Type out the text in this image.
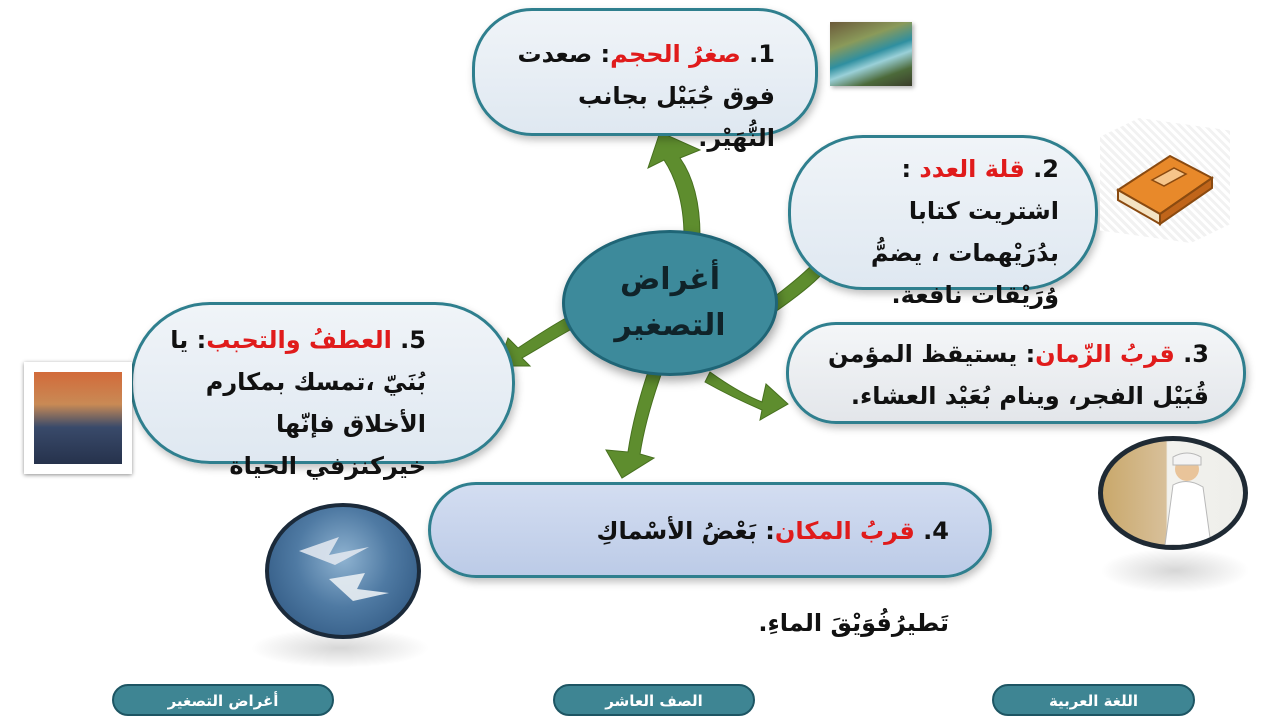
أغراض
التصغير
1. صغرُ الحجم: صعدت فوق جُبَيْل بجانب النُّهَيْر.
2. قلة العدد : اشتريت كتابا بدُرَيْهمات ، يضمُّ وُرَيْقات نافعة.
3. قربُ الزّمان: يستيقظ المؤمن قُبَيْل الفجر، وينام بُعَيْد العشاء.
4. قربُ المكان: بَعْضُ الأسْماكِ تَطيرُفُوَيْقَ الماءِ.
5. العطفُ والتحبب: يا بُنَيّ ،تمسك بمكارم الأخلاق فإنّها خيركنزفي الحياة
أغراض التصغير	الصف العاشر	اللغة العربية
